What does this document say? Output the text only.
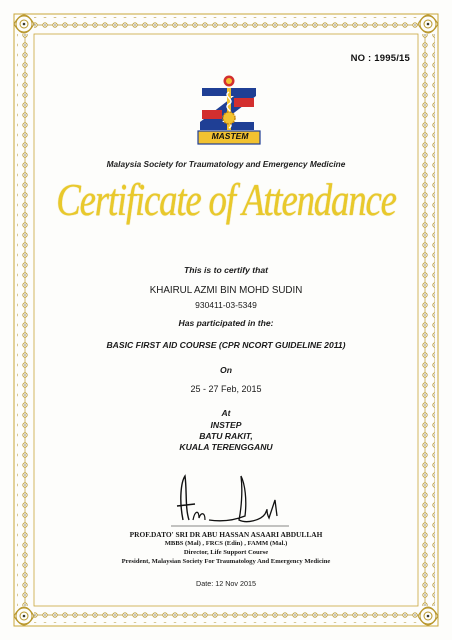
NO : 1995/15
MASTEM
Malaysia Society for Traumatology and Emergency Medicine
Certificate of Attendance
This is to certify that
KHAIRUL AZMI BIN MOHD SUDIN
930411-03-5349
Has participated in the:
BASIC FIRST AID COURSE (CPR NCORT GUIDELINE 2011)
On
25 - 27 Feb, 2015
At
INSTEP
BATU RAKIT,
KUALA TERENGGANU
PROF.DATO' SRI DR ABU HASSAN ASAARI ABDULLAH
MBBS (Mal) , FRCS (Edin) , FAMM (Mal.)
Director, Life Support Course
President, Malaysian Society For Traumatology And Emergency Medicine
Date: 12 Nov 2015
